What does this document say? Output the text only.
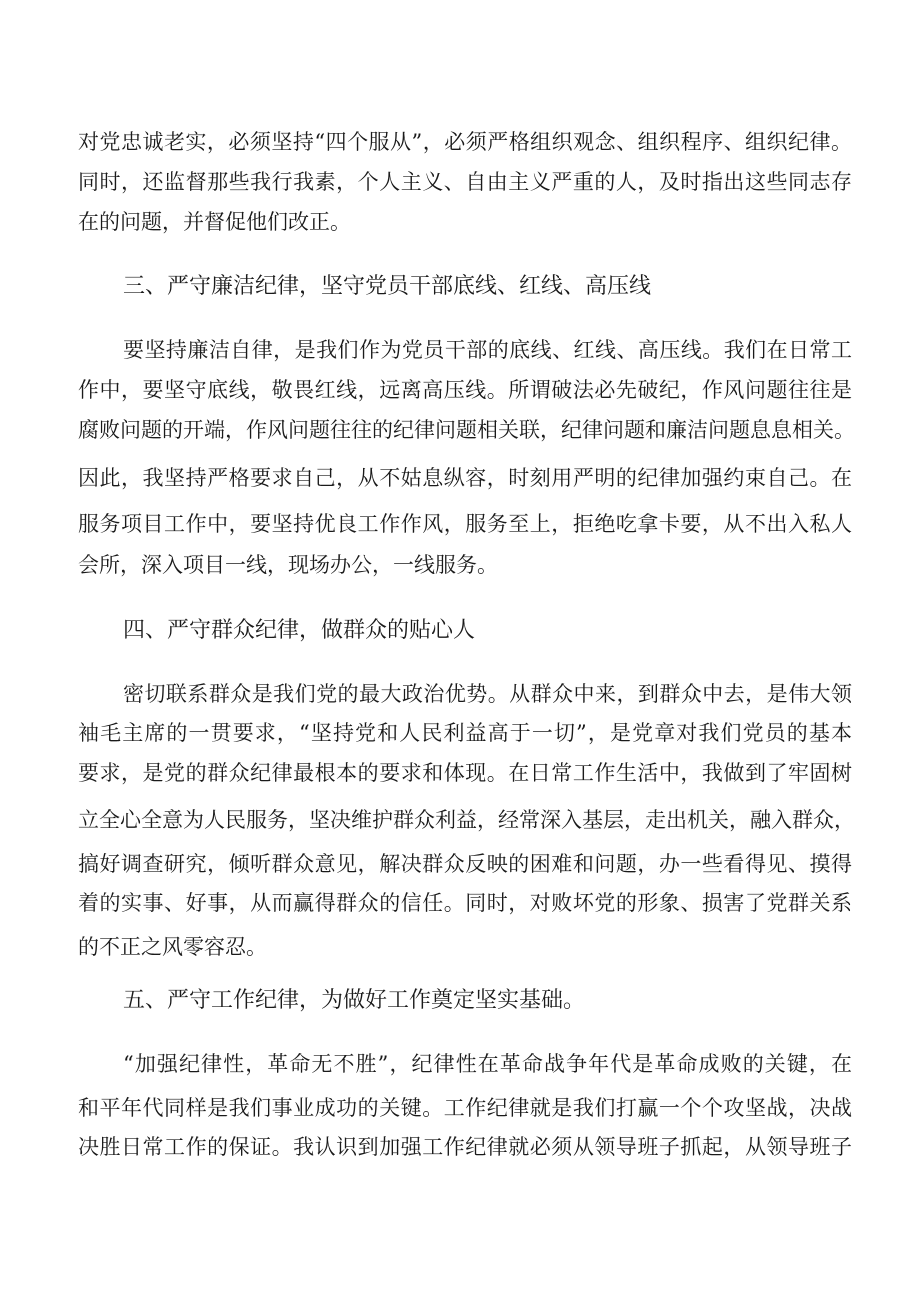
对党忠诚老实，必须坚持“四个服从”，必须严格组织观念、组织程序、组织纪律。
同时，还监督那些我行我素，个人主义、自由主义严重的人，及时指出这些同志存
在的问题，并督促他们改正。
三、严守廉洁纪律，坚守党员干部底线、红线、高压线
要坚持廉洁自律，是我们作为党员干部的底线、红线、高压线。我们在日常工
作中，要坚守底线，敬畏红线，远离高压线。所谓破法必先破纪，作风问题往往是
腐败问题的开端，作风问题往往的纪律问题相关联，纪律问题和廉洁问题息息相关。
因此，我坚持严格要求自己，从不姑息纵容，时刻用严明的纪律加强约束自己。在
服务项目工作中，要坚持优良工作作风，服务至上，拒绝吃拿卡要，从不出入私人
会所，深入项目一线，现场办公，一线服务。
四、严守群众纪律，做群众的贴心人
密切联系群众是我们党的最大政治优势。从群众中来，到群众中去，是伟大领
袖毛主席的一贯要求，“坚持党和人民利益高于一切”，是党章对我们党员的基本
要求，是党的群众纪律最根本的要求和体现。在日常工作生活中，我做到了牢固树
立全心全意为人民服务，坚决维护群众利益，经常深入基层，走出机关，融入群众，
搞好调查研究，倾听群众意见，解决群众反映的困难和问题，办一些看得见、摸得
着的实事、好事，从而赢得群众的信任。同时，对败坏党的形象、损害了党群关系
的不正之风零容忍。
五、严守工作纪律，为做好工作奠定坚实基础。
“加强纪律性，革命无不胜”，纪律性在革命战争年代是革命成败的关键，在
和平年代同样是我们事业成功的关键。工作纪律就是我们打赢一个个攻坚战，决战
决胜日常工作的保证。我认识到加强工作纪律就必须从领导班子抓起，从领导班子
